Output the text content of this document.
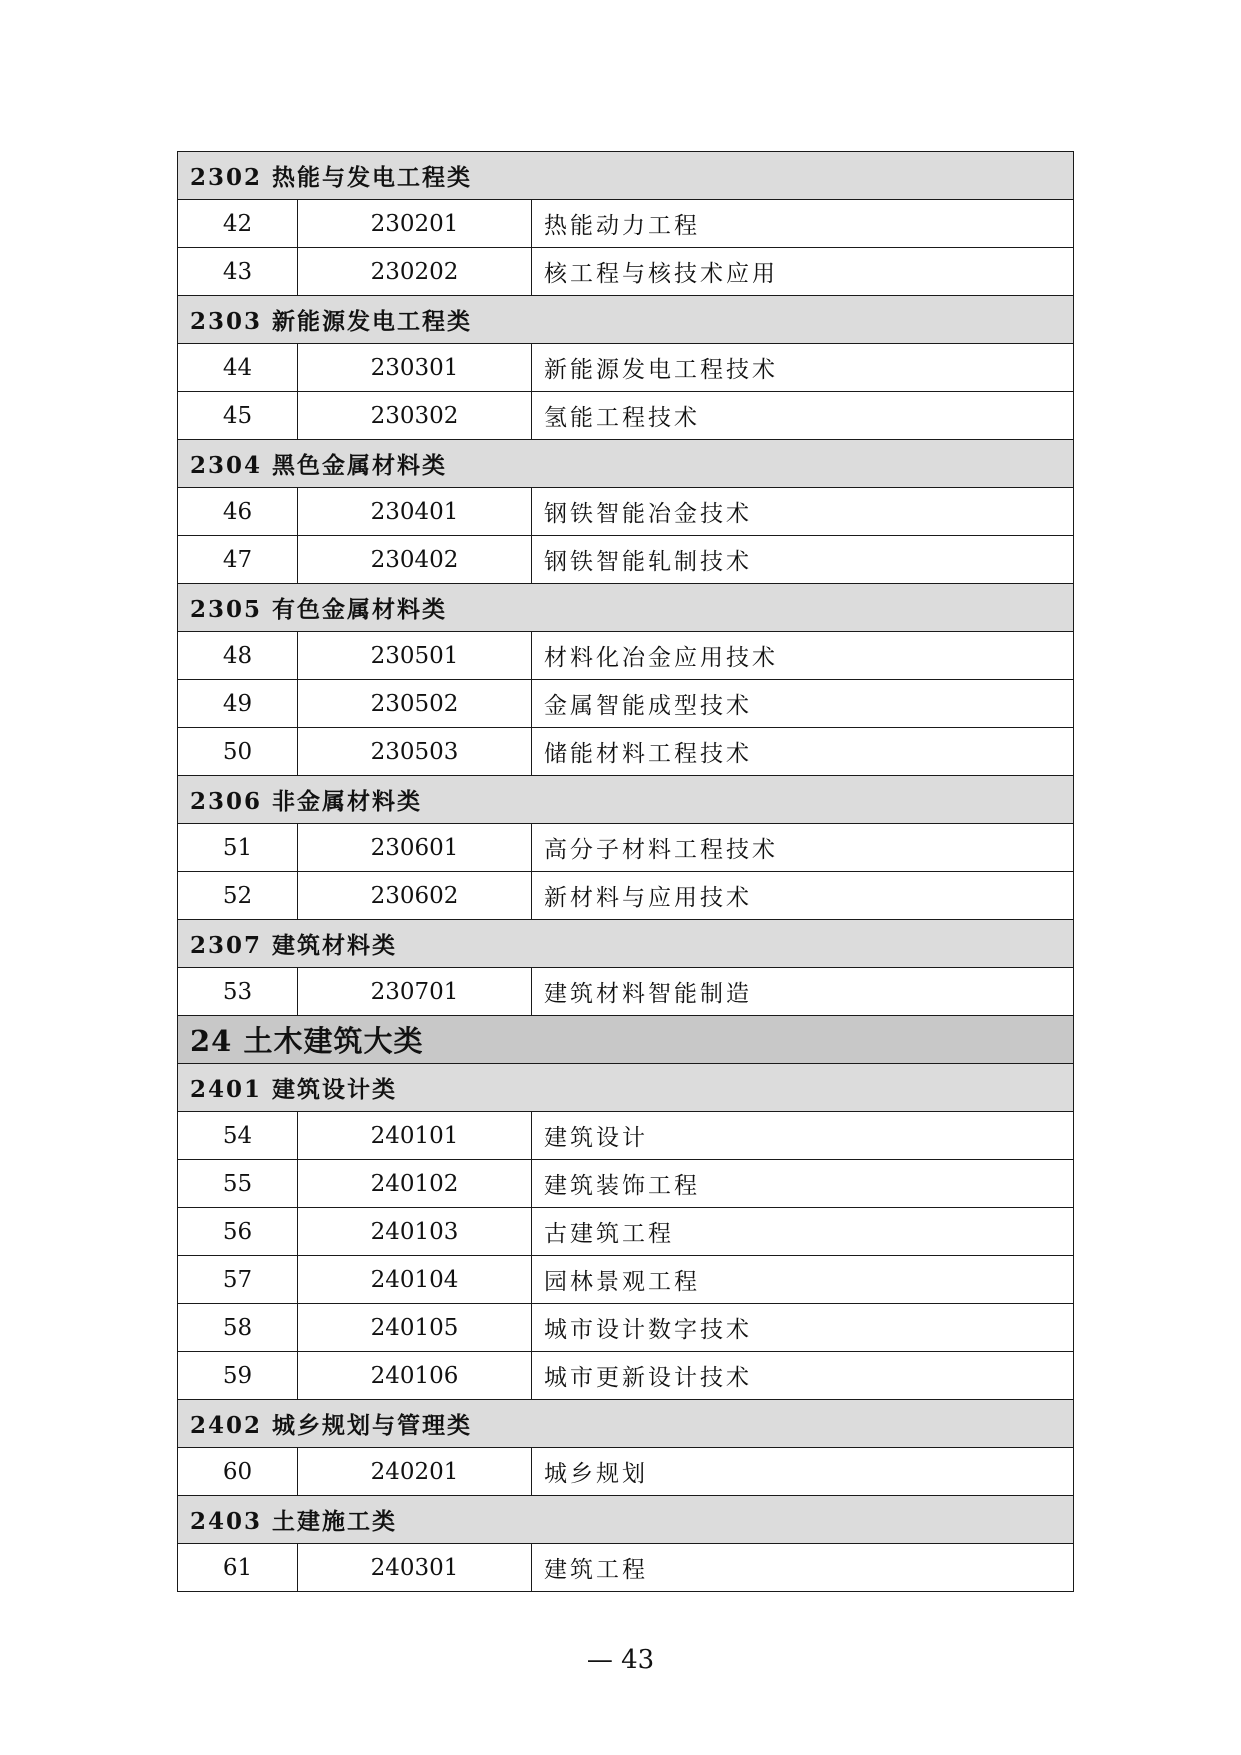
2302 热能与发电工程类		
42	230201	热能动力工程
43	230202	核工程与核技术应用
2303 新能源发电工程类		
44	230301	新能源发电工程技术
45	230302	氢能工程技术
2304 黑色金属材料类		
46	230401	钢铁智能冶金技术
47	230402	钢铁智能轧制技术
2305 有色金属材料类		
48	230501	材料化冶金应用技术
49	230502	金属智能成型技术
50	230503	储能材料工程技术
2306 非金属材料类		
51	230601	高分子材料工程技术
52	230602	新材料与应用技术
2307 建筑材料类		
53	230701	建筑材料智能制造
24 土木建筑大类		
2401 建筑设计类		
54	240101	建筑设计
55	240102	建筑装饰工程
56	240103	古建筑工程
57	240104	园林景观工程
58	240105	城市设计数字技术
59	240106	城市更新设计技术
2402 城乡规划与管理类		
60	240201	城乡规划
2403 土建施工类		
61	240301	建筑工程
— 43
